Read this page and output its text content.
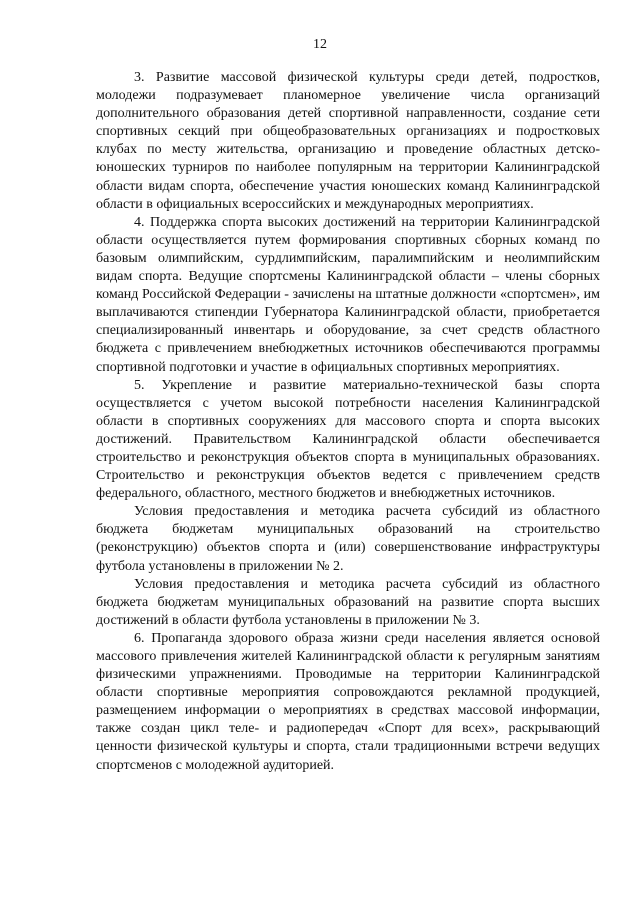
12

3. Развитие массовой физической культуры среди детей, подростков, молодежи подразумевает планомерное увеличение числа организаций дополнительного образования детей спортивной направленности, создание сети спортивных секций при общеобразовательных организациях и подростковых клубах по месту жительства, организацию и проведение областных детско-юношеских турниров по наиболее популярным на территории Калининградской области видам спорта, обеспечение участия юношеских команд Калининградской области в официальных всероссийских и международных мероприятиях.

4. Поддержка спорта высоких достижений на территории Калининградской области осуществляется путем формирования спортивных сборных команд по базовым олимпийским, сурдлимпийским, паралимпийским и неолимпийским видам спорта. Ведущие спортсмены Калининградской области – члены сборных команд Российской Федерации - зачислены на штатные должности «спортсмен», им выплачиваются стипендии Губернатора Калининградской области, приобретается специализированный инвентарь и оборудование, за счет средств областного бюджета с привлечением внебюджетных источников обеспечиваются программы спортивной подготовки и участие в официальных спортивных мероприятиях.

5. Укрепление и развитие материально-технической базы спорта осуществляется с учетом высокой потребности населения Калининградской области в спортивных сооружениях для массового спорта и спорта высоких достижений. Правительством Калининградской области обеспечивается строительство и реконструкция объектов спорта в муниципальных образованиях. Строительство и реконструкция объектов ведется с привлечением средств федерального, областного, местного бюджетов и внебюджетных источников.

Условия предоставления и методика расчета субсидий из областного бюджета бюджетам муниципальных образований на строительство (реконструкцию) объектов спорта и (или) совершенствование инфраструктуры футбола установлены в приложении № 2.

Условия предоставления и методика расчета субсидий из областного бюджета бюджетам муниципальных образований на развитие спорта высших достижений в области футбола установлены в приложении № 3.

6. Пропаганда здорового образа жизни среди населения является основой массового привлечения жителей Калининградской области к регулярным занятиям физическими упражнениями. Проводимые на территории Калининградской области спортивные мероприятия сопровождаются рекламной продукцией, размещением информации о мероприятиях в средствах массовой информации, также создан цикл теле- и радиопередач «Спорт для всех», раскрывающий ценности физической культуры и спорта, стали традиционными встречи ведущих спортсменов с молодежной аудиторией.
